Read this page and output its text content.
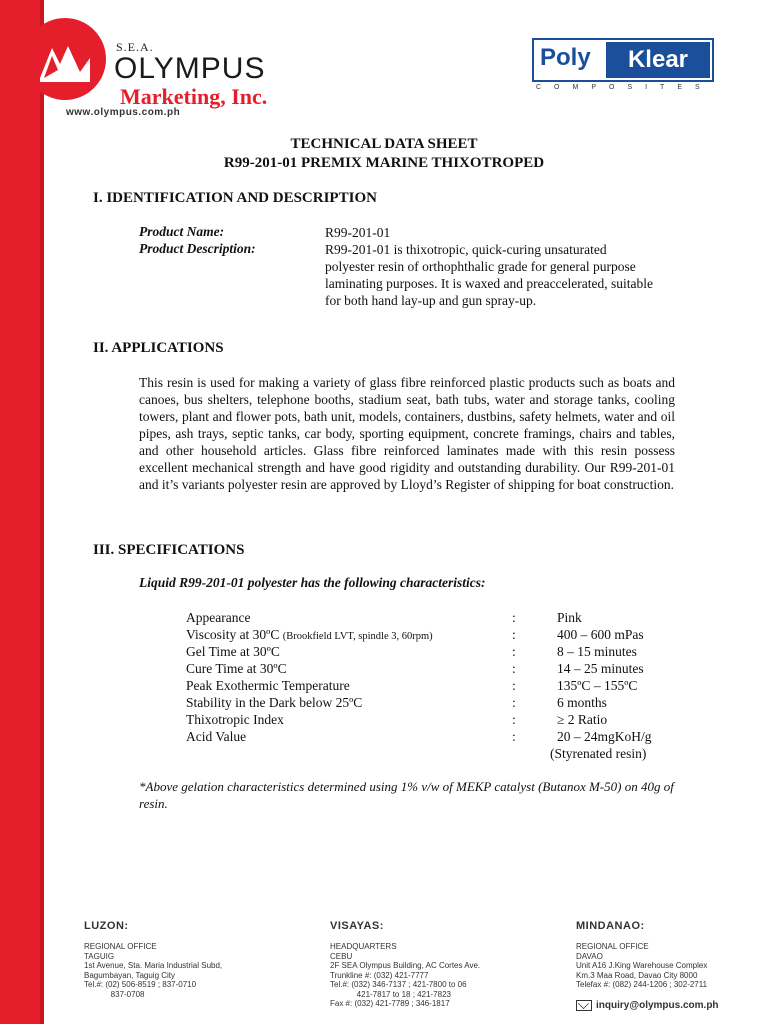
S.E.A.
OLYMPUS
Marketing, Inc.
www.olympus.com.ph
Poly	Klear
COMPOSITES
TECHNICAL DATA SHEET
R99-201-01 PREMIX MARINE THIXOTROPED
I. IDENTIFICATION AND DESCRIPTION
Product Name:	R99-201-01
Product Description:	R99-201-01 is thixotropic, quick-curing unsaturated polyester resin of orthophthalic grade for general purpose laminating purposes. It is waxed and preaccelerated, suitable for both hand lay-up and gun spray-up.
II. APPLICATIONS
This resin is used for making a variety of glass fibre reinforced plastic products such as boats and canoes, bus shelters, telephone booths, stadium seat, bath tubs, water and storage tanks, cooling towers, plant and flower pots, bath unit, models, containers, dustbins, safety helmets, water and oil pipes, ash trays, septic tanks, car body, sporting equipment, concrete framings, chairs and tables, and other household articles. Glass fibre reinforced laminates made with this resin possess excellent mechanical strength and have good rigidity and outstanding durability. Our R99-201-01 and it’s variants polyester resin are approved by Lloyd’s Register of shipping for boat construction.
III. SPECIFICATIONS
Liquid R99-201-01 polyester has the following characteristics:
Appearance	:	Pink
Viscosity at 30ºC (Brookfield LVT, spindle 3, 60rpm)	:	400 – 600 mPas
Gel Time at 30ºC	:	8 – 15 minutes
Cure Time at 30ºC	:	14 – 25 minutes
Peak Exothermic Temperature	:	135ºC – 155ºC
Stability in the Dark below 25ºC	:	6 months
Thixotropic Index	:	≥ 2 Ratio
Acid Value	:	20 – 24mgKoH/g
(Styrenated resin)
*Above gelation characteristics determined using 1% v/w of MEKP catalyst (Butanox M-50) on 40g of resin.
LUZON:
REGIONAL OFFICE
TAGUIG
1st Avenue, Sta. Maria Industrial Subd,
Bagumbayan, Taguig City
Tel.#: (02) 506-8519 ; 837-0710
837-0708
VISAYAS:
HEADQUARTERS
CEBU
2F SEA Olympus Building, AC Cortes Ave.
Trunkline #: (032) 421-7777
Tel.#: (032) 346-7137 ; 421-7800 to 06
421-7817 to 18 ; 421-7823
Fax #: (032) 421-7789 ; 346-1817
MINDANAO:
REGIONAL OFFICE
DAVAO
Unit A16 J.King Warehouse Complex
Km.3 Maa Road, Davao City 8000
Telefax #: (082) 244-1206 ; 302-2711
inquiry@olympus.com.ph
